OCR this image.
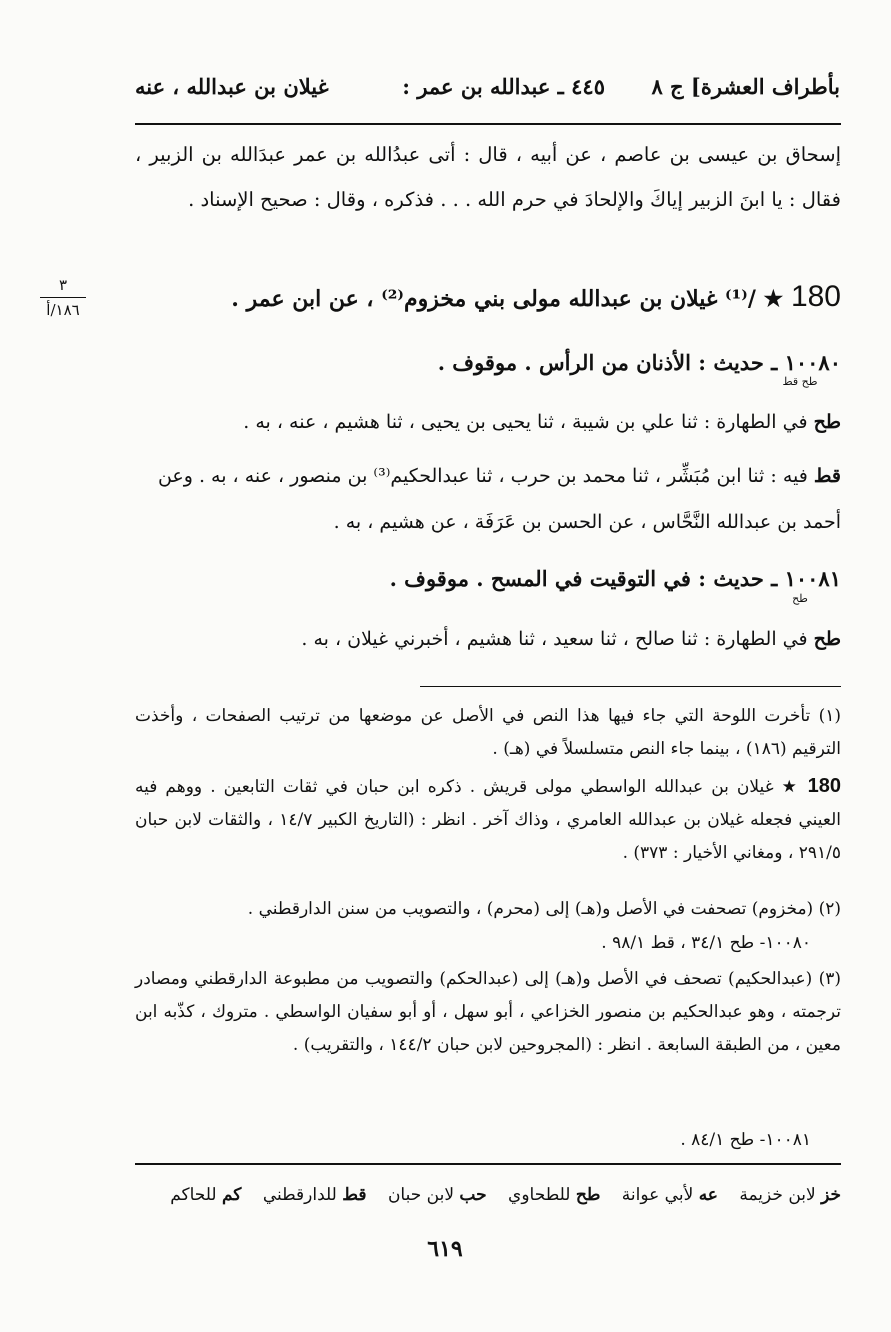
بأطراف العشرة] ج ٨
٤٤٥ ـ عبدالله بن عمر :
غيلان بن عبدالله ، عنه
إسحاق بن عيسى بن عاصم ، عن أبيه ، قال : أتى عبدُالله بن عمر عبدَالله بن الزبير ، فقال : يا ابنَ الزبير إياكَ والإلحادَ في حرم الله . . . فذكره ، وقال : صحيح الإسناد .
٣
١٨٦/أ	180 ★ /⁽¹⁾ غيلان بن عبدالله مولى بني مخزوم⁽²⁾ ، عن ابن عمر .
١٠٠٨٠ ـ حديث : الأذنان من الرأس . موقوف .
طح قط
طح في الطهارة : ثنا علي بن شيبة ، ثنا يحيى بن يحيى ، ثنا هشيم ، عنه ، به .
قط فيه : ثنا ابن مُبَشِّر ، ثنا محمد بن حرب ، ثنا عبدالحكيم⁽³⁾ بن منصور ، عنه ، به . وعن أحمد بن عبدالله النَّحَّاس ، عن الحسن بن عَرَفَة ، عن هشيم ، به .
١٠٠٨١ ـ حديث : في التوقيت في المسح . موقوف .
طح
طح في الطهارة : ثنا صالح ، ثنا سعيد ، ثنا هشيم ، أخبرني غيلان ، به .
(١) تأخرت اللوحة التي جاء فيها هذا النص في الأصل عن موضعها من ترتيب الصفحات ، وأخذت الترقيم (١٨٦) ، بينما جاء النص متسلسلاً في (هـ) .
180 ★ غيلان بن عبدالله الواسطي مولى قريش . ذكره ابن حبان في ثقات التابعين . ووهم فيه العيني فجعله غيلان بن عبدالله العامري ، وذاك آخر . انظر : (التاريخ الكبير ١٤/٧ ، والثقات لابن حبان ٢٩١/٥ ، ومغاني الأخيار : ٣٧٣) .
(٢) (مخزوم) تصحفت في الأصل و(هـ) إلى (محرم) ، والتصويب من سنن الدارقطني .
١٠٠٨٠- طح ٣٤/١ ، قط ٩٨/١ .
(٣) (عبدالحكيم) تصحف في الأصل و(هـ) إلى (عبدالحكم) والتصويب من مطبوعة الدارقطني ومصادر ترجمته ، وهو عبدالحكيم بن منصور الخزاعي ، أبو سهل ، أو أبو سفيان الواسطي . متروك ، كذّبه ابن معين ، من الطبقة السابعة . انظر : (المجروحين لابن حبان ١٤٤/٢ ، والتقريب) .
١٠٠٨١- طح ٨٤/١ .
خز لابن خزيمة عه لأبي عوانة طح للطحاوي حب لابن حبان قط للدارقطني كم للحاكم
٦١٩
